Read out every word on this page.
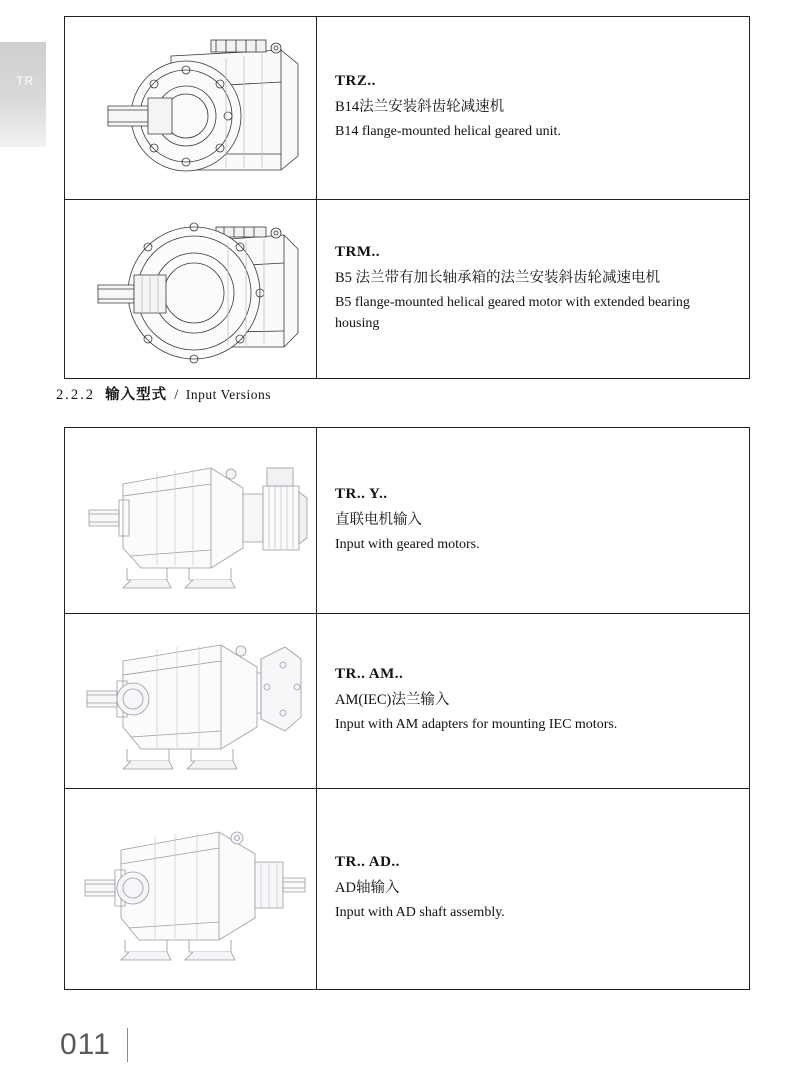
TR	TRZ..
B14法兰安装斜齿轮减速机
B14 flange-mounted helical geared unit.
TRM..
B5 法兰带有加长轴承箱的法兰安装斜齿轮减速电机
B5 flange-mounted helical geared motor with extended bearing housing
2.2.2 输入型式 / Input Versions
TR.. Y..
直联电机输入
Input with geared motors.
TR.. AM..
AM(IEC)法兰输入
Input with AM adapters for mounting IEC motors.
TR.. AD..
AD轴输入
Input with AD shaft assembly.
011
